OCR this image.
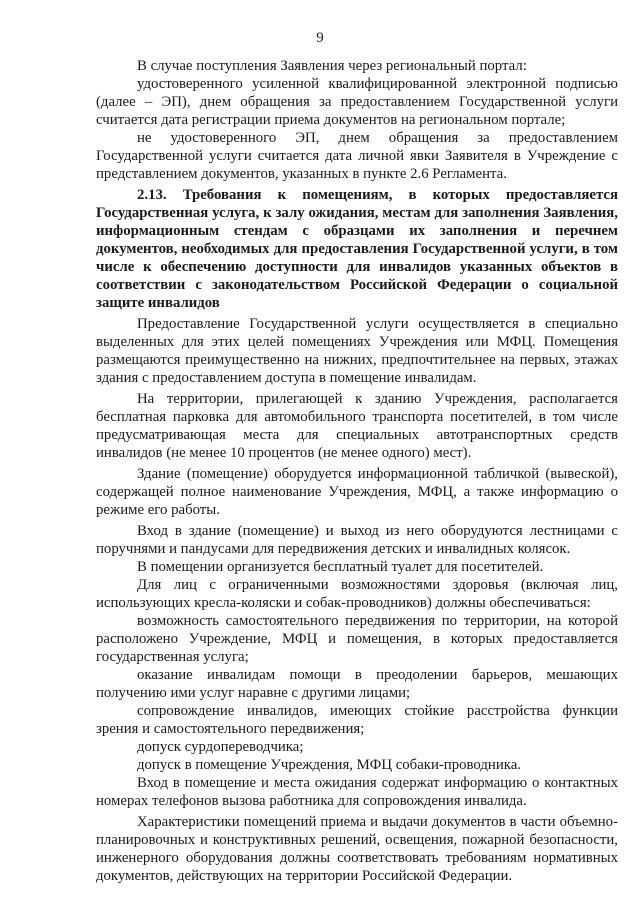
9

В случае поступления Заявления через региональный портал:

удостоверенного усиленной квалифицированной электронной подписью (далее – ЭП), днем обращения за предоставлением Государственной услуги считается дата регистрации приема документов на региональном портале;

не удостоверенного ЭП, днем обращения за предоставлением Государственной услуги считается дата личной явки Заявителя в Учреждение с представлением документов, указанных в пункте 2.6 Регламента.

2.13. Требования к помещениям, в которых предоставляется Государственная услуга, к залу ожидания, местам для заполнения Заявления, информационным стендам с образцами их заполнения и перечнем документов, необходимых для предоставления Государственной услуги, в том числе к обеспечению доступности для инвалидов указанных объектов в соответствии с законодательством Российской Федерации о социальной защите инвалидов

Предоставление Государственной услуги осуществляется в специально выделенных для этих целей помещениях Учреждения или МФЦ. Помещения размещаются преимущественно на нижних, предпочтительнее на первых, этажах здания с предоставлением доступа в помещение инвалидам.

На территории, прилегающей к зданию Учреждения, располагается бесплатная парковка для автомобильного транспорта посетителей, в том числе предусматривающая места для специальных автотранспортных средств инвалидов (не менее 10 процентов (не менее одного) мест).

Здание (помещение) оборудуется информационной табличкой (вывеской), содержащей полное наименование Учреждения, МФЦ, а также информацию о режиме его работы.

Вход в здание (помещение) и выход из него оборудуются лестницами с поручнями и пандусами для передвижения детских и инвалидных колясок.

В помещении организуется бесплатный туалет для посетителей.

Для лиц с ограниченными возможностями здоровья (включая лиц, использующих кресла-коляски и собак-проводников) должны обеспечиваться:

возможность самостоятельного передвижения по территории, на которой расположено Учреждение, МФЦ и помещения, в которых предоставляется государственная услуга;

оказание инвалидам помощи в преодолении барьеров, мешающих получению ими услуг наравне с другими лицами;

сопровождение инвалидов, имеющих стойкие расстройства функции зрения и самостоятельного передвижения;

допуск сурдопереводчика;

допуск в помещение Учреждения, МФЦ собаки-проводника.

Вход в помещение и места ожидания содержат информацию о контактных номерах телефонов вызова работника для сопровождения инвалида.

Характеристики помещений приема и выдачи документов в части объемно-планировочных и конструктивных решений, освещения, пожарной безопасности, инженерного оборудования должны соответствовать требованиям нормативных документов, действующих на территории Российской Федерации.
